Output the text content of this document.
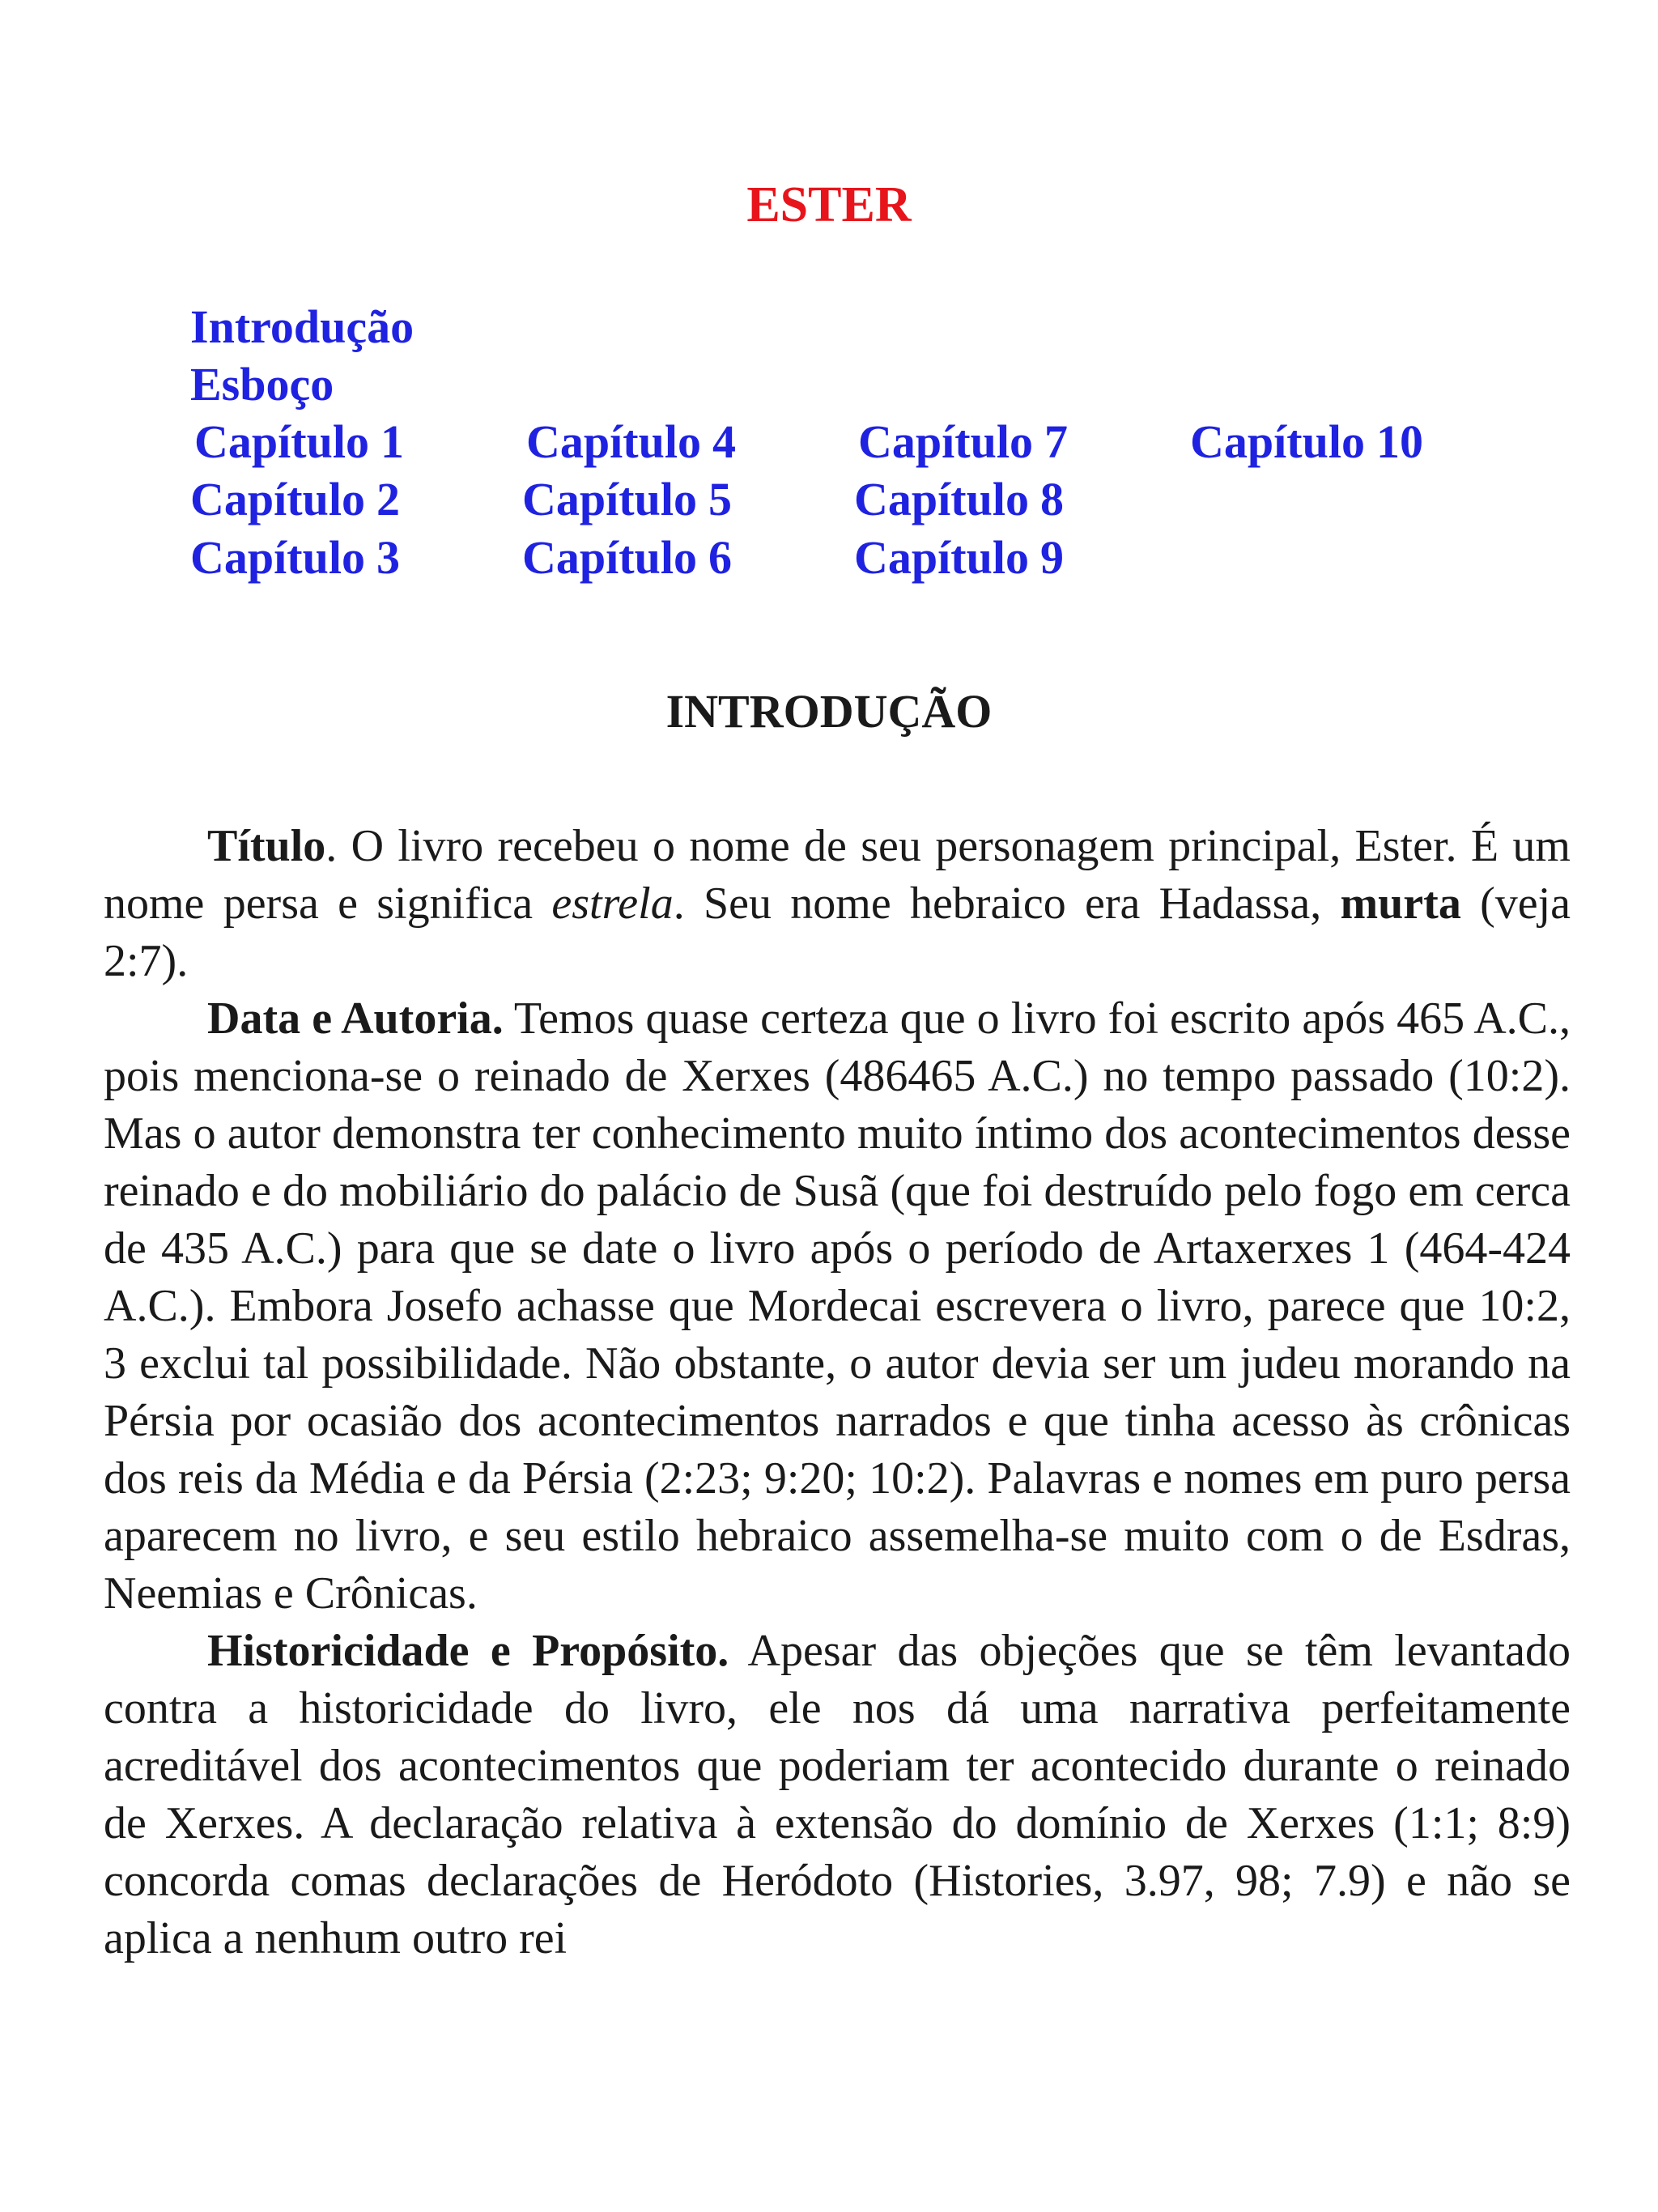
ESTER
Introdução
Esboço
Capítulo 1
Capítulo 2
Capítulo 3
Capítulo 4
Capítulo 5
Capítulo 6
Capítulo 7
Capítulo 8
Capítulo 9
Capítulo 10
INTRODUÇÃO

Título. O livro recebeu o nome de seu personagem principal, Ester. É um nome persa e significa estrela. Seu nome hebraico era Hadassa, murta (veja 2:7).

Data e Autoria. Temos quase certeza que o livro foi escrito após 465 A.C., pois menciona-se o reinado de Xerxes (486465 A.C.) no tempo passado (10:2). Mas o autor demonstra ter conhecimento muito íntimo dos acontecimentos desse reinado e do mobiliário do palácio de Susã (que foi destruído pelo fogo em cerca de 435 A.C.) para que se date o livro após o período de Artaxerxes 1 (464-424 A.C.). Embora Josefo achasse que Mordecai escrevera o livro, parece que 10:2, 3 exclui tal possibilidade. Não obstante, o autor devia ser um judeu morando na Pérsia por ocasião dos acontecimentos narrados e que tinha acesso às crônicas dos reis da Média e da Pérsia (2:23; 9:20; 10:2). Palavras e nomes em puro persa aparecem no livro, e seu estilo hebraico assemelha-se muito com o de Esdras, Neemias e Crônicas.

Historicidade e Propósito. Apesar das objeções que se têm levantado contra a historicidade do livro, ele nos dá uma narrativa perfeitamente acreditável dos acontecimentos que poderiam ter acontecido durante o reinado de Xerxes. A declaração relativa à extensão do domínio de Xerxes (1:1; 8:9) concorda comas declarações de Heródoto (Histories, 3.97, 98; 7.9) e não se aplica a nenhum outro rei
